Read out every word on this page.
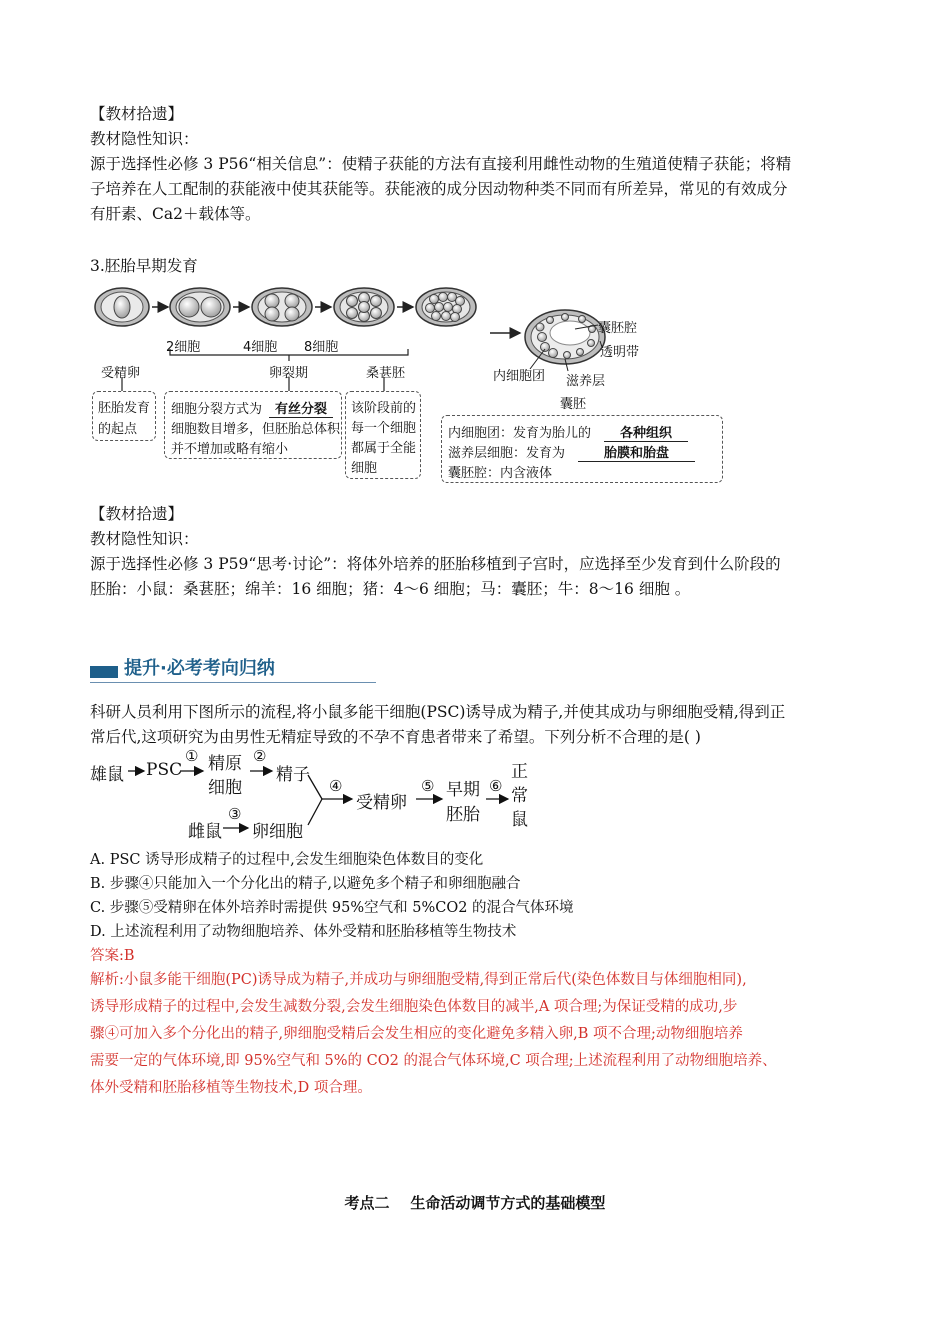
【教材拾遗】
教材隐性知识：
源于选择性必修 3 P56“相关信息”：使精子获能的方法有直接利用雌性动物的生殖道使精子获能；将精
子培养在人工配制的获能液中使其获能等。获能液的成分因动物种类不同而有所差异，常见的有效成分
有肝素、Ca2＋载体等。
3.胚胎早期发育
2细胞	4细胞 8细胞
受精卵	卵裂期	桑葚胚
胚胎发育
的起点
细胞分裂方式为 有丝分裂
细胞数目增多，但胚胎总体积
并不增加或略有缩小
该阶段前的
每一个细胞
都属于全能
细胞
囊胚腔
透明带
内细胞团 滋养层
囊胚
内细胞团：发育为胎儿的	各种组织
滋养层细胞：发育为	胎膜和胎盘
囊胚腔：内含液体
【教材拾遗】
教材隐性知识：
源于选择性必修 3 P59“思考·讨论”：将体外培养的胚胎移植到子宫时，应选择至少发育到什么阶段的
胚胎：小鼠：桑葚胚；绵羊：16 细胞；猪：4～6 细胞；马：囊胚；牛：8～16 细胞 。
提升·必考考向归纳
科研人员利用下图所示的流程,将小鼠多能干细胞(PSC)诱导成为精子,并使其成功与卵细胞受精,得到正
常后代,这项研究为由男性无精症导致的不孕不育患者带来了希望。下列分析不合理的是( )
雄鼠 PSC
① 精原
细胞
②
精子
雌鼠
③
卵细胞
④
受精卵
⑤ 早期
胚胎
⑥
正
常
鼠
A. PSC 诱导形成精子的过程中,会发生细胞染色体数目的变化
B. 步骤④只能加入一个分化出的精子,以避免多个精子和卵细胞融合
C. 步骤⑤受精卵在体外培养时需提供 95%空气和 5%CO2 的混合气体环境
D. 上述流程利用了动物细胞培养、体外受精和胚胎移植等生物技术
答案:B
解析:小鼠多能干细胞(PC)诱导成为精子,并成功与卵细胞受精,得到正常后代(染色体数目与体细胞相同),
诱导形成精子的过程中,会发生减数分裂,会发生细胞染色体数目的减半,A 项合理;为保证受精的成功,步
骤④可加入多个分化出的精子,卵细胞受精后会发生相应的变化避免多精入卵,B 项不合理;动物细胞培养
需要一定的气体环境,即 95%空气和 5%的 CO2 的混合气体环境,C 项合理;上述流程利用了动物细胞培养、
体外受精和胚胎移植等生物技术,D 项合理。
考点二    生命活动调节方式的基础模型
